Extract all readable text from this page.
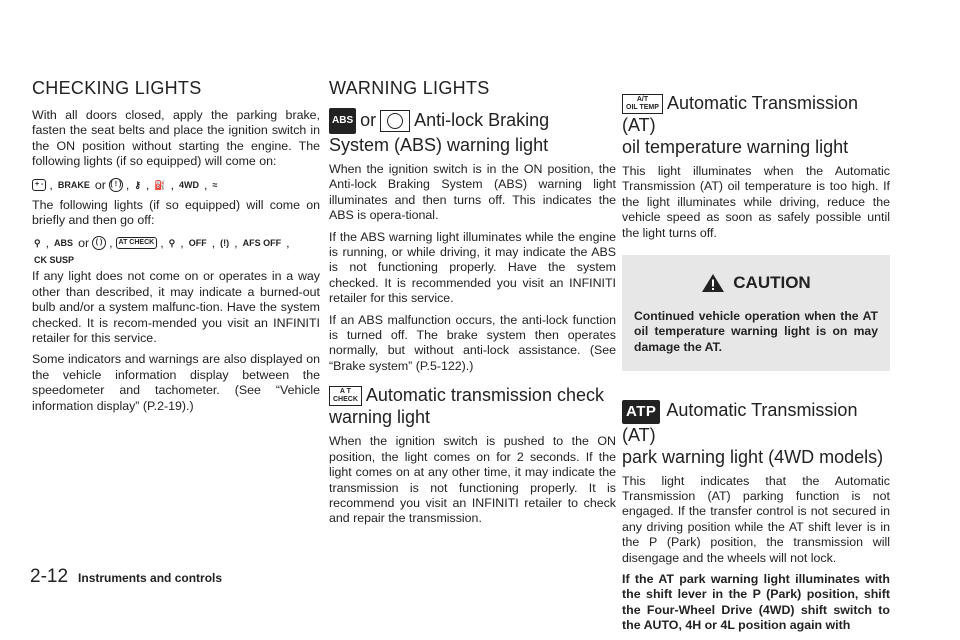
CHECKING LIGHTS

With all doors closed, apply the parking brake, fasten the seat belts and place the ignition switch in the ON position without starting the engine. The following lights (if so equipped) will come on:

+ - , BRAKE or ( ! ) , ⚷ , ⛽ , 4WD , ≈

The following lights (if so equipped) will come on briefly and then go off:

⚲ , ABS or ( ) , AT CHECK , ⚲ , OFF , (!) , AFS OFF ,
CK SUSP

If any light does not come on or operates in a way other than described, it may indicate a burned-out bulb and/or a system malfunc-tion. Have the system checked. It is recom-mended you visit an INFINITI retailer for this service.

Some indicators and warnings are also displayed on the vehicle information display between the speedometer and tachometer. (See “Vehicle information display” (P.2-19).)

WARNING LIGHTS
ABS or Anti-lock Braking
System (ABS) warning light

When the ignition switch is in the ON position, the Anti-lock Braking System (ABS) warning light illuminates and then turns off. This indicates the ABS is opera-tional.

If the ABS warning light illuminates while the engine is running, or while driving, it may indicate the ABS is not functioning properly. Have the system checked. It is recommended you visit an INFINITI retailer for this service.

If an ABS malfunction occurs, the anti-lock function is turned off. The brake system then operates normally, but without anti-lock assistance. (See “Brake system” (P.5-122).)

A T
CHECK Automatic transmission check
warning light

When the ignition switch is pushed to the ON position, the light comes on for 2 seconds. If the light comes on at any other time, it may indicate the transmission is not functioning properly. It is recommend you visit an INFINITI retailer to check and repair the transmission.

A/T
OIL TEMP Automatic Transmission (AT)
oil temperature warning light

This light illuminates when the Automatic Transmission (AT) oil temperature is too high. If the light illuminates while driving, reduce the vehicle speed as soon as safely possible until the light turns off.

CAUTION

Continued vehicle operation when the AT oil temperature warning light is on may damage the AT.

ATP Automatic Transmission (AT)
park warning light (4WD models)

This light indicates that the Automatic Transmission (AT) parking function is not engaged. If the transfer control is not secured in any driving position while the AT shift lever is in the P (Park) position, the transmission will disengage and the wheels will not lock.

If the AT park warning light illuminates with the shift lever in the P (Park) position, shift the Four-Wheel Drive (4WD) shift switch to the AUTO, 4H or 4L position again with

2-12 Instruments and controls
